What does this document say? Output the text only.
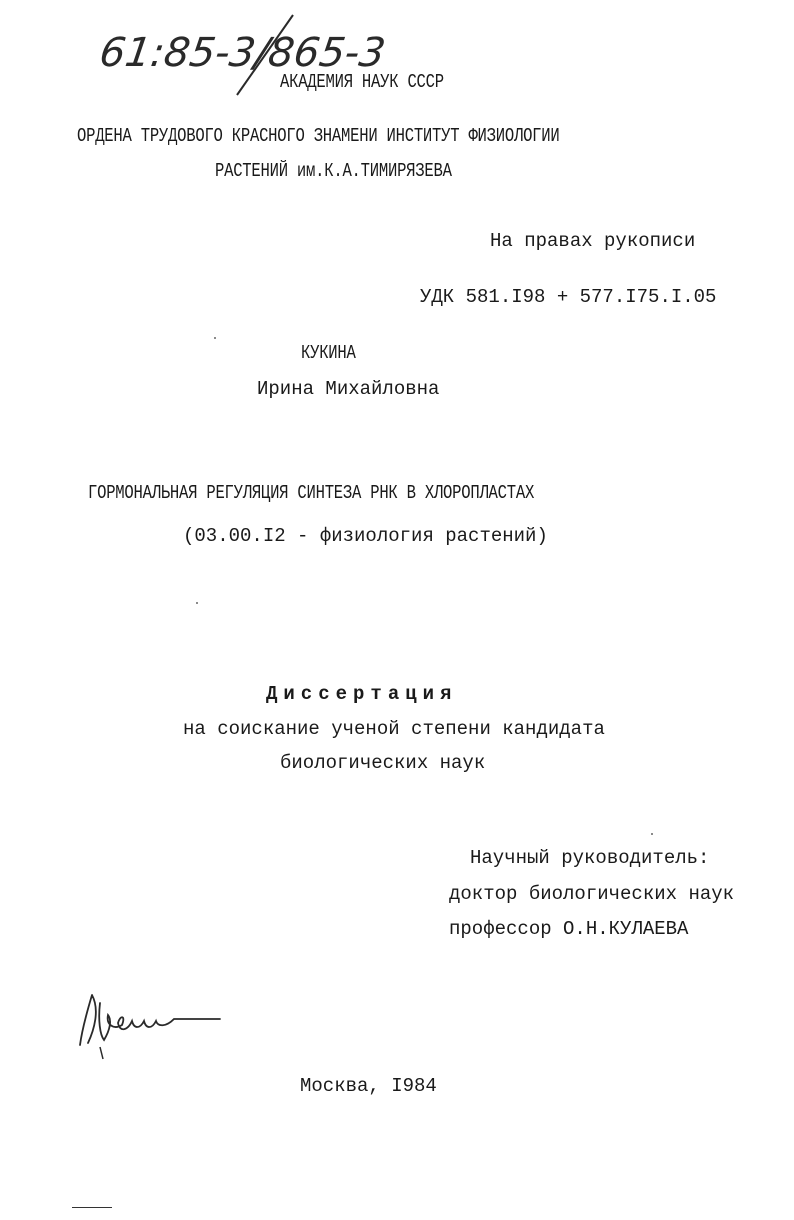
61:85-3/865-3
АКАДЕМИЯ НАУК СССР
ОРДЕНА ТРУДОВОГО КРАСНОГО ЗНАМЕНИ ИНСТИТУТ ФИЗИОЛОГИИ
РАСТЕНИЙ им.К.А.ТИМИРЯЗЕВА
На правах рукописи
УДК 581.I98 + 577.I75.I.05
КУКИНА
Ирина Михайловна
ГОРМОНАЛЬНАЯ РЕГУЛЯЦИЯ СИНТЕЗА РНК В ХЛОРОПЛАСТАХ
(03.00.I2 - физиология растений)
Диссертация
на соискание ученой степени кандидата
биологических наук
Научный руководитель:
доктор биологических наук
профессор О.Н.КУЛАЕВА
Москва, I984
